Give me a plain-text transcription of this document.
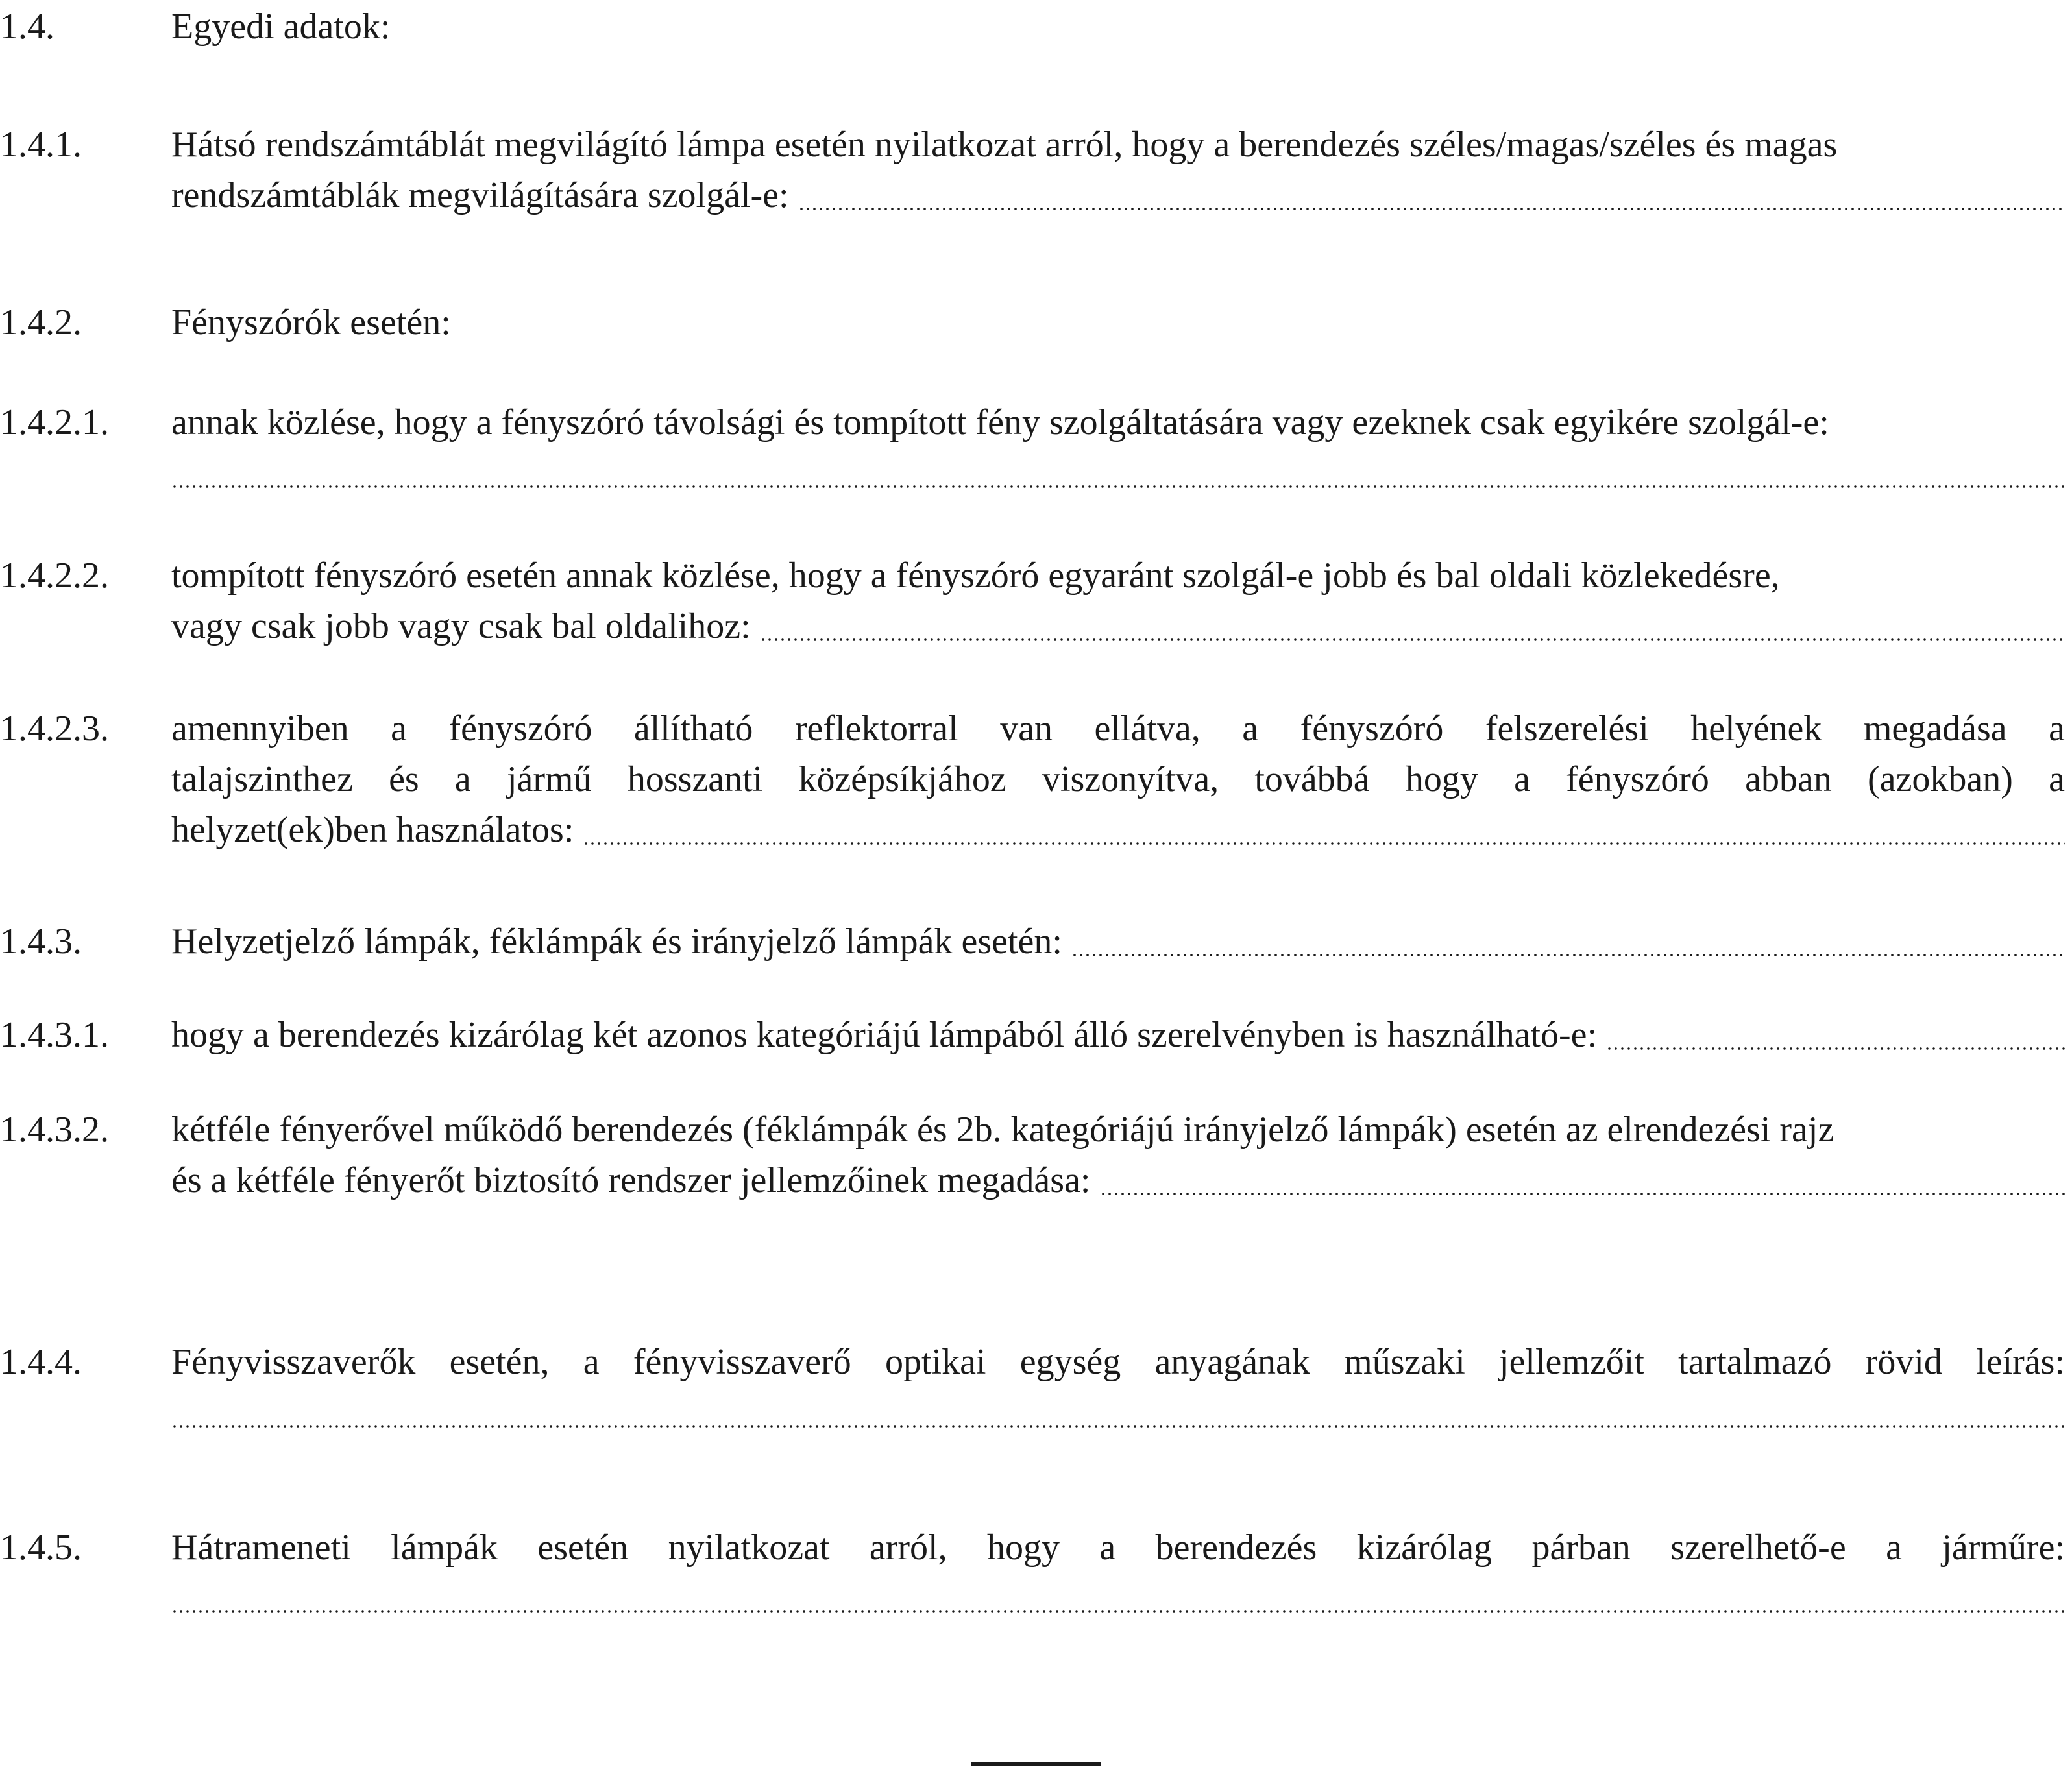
1.4.	Egyedi adatok:
1.4.1. Hátsó rendszámtáblát megvilágító lámpa esetén nyilatkozat arról, hogy a berendezés széles/magas/széles és magas
rendszámtáblák megvilágítására szolgál-e:
1.4.2. Fényszórók esetén:
1.4.2.1. annak közlése, hogy a fényszóró távolsági és tompított fény szolgáltatására vagy ezeknek csak egyikére szolgál-e:
1.4.2.2. tompított fényszóró esetén annak közlése, hogy a fényszóró egyaránt szolgál-e jobb és bal oldali közlekedésre,
vagy csak jobb vagy csak bal oldalihoz:
1.4.2.3. amennyiben a fényszóró állítható reflektorral van ellátva, a fényszóró felszerelési helyének megadása a
talajszinthez és a jármű hosszanti középsíkjához viszonyítva, továbbá hogy a fényszóró abban (azokban) a
helyzet(ek)ben használatos:
1.4.3. Helyzetjelző lámpák, féklámpák és irányjelző lámpák esetén:
1.4.3.1. hogy a berendezés kizárólag két azonos kategóriájú lámpából álló szerelvényben is használható-e:
1.4.3.2. kétféle fényerővel működő berendezés (féklámpák és 2b. kategóriájú irányjelző lámpák) esetén az elrendezési rajz
és a kétféle fényerőt biztosító rendszer jellemzőinek megadása:
1.4.4. Fényvisszaverők esetén, a fényvisszaverő optikai egység anyagának műszaki jellemzőit tartalmazó rövid leírás:
1.4.5. Hátrameneti lámpák esetén nyilatkozat arról, hogy a berendezés kizárólag párban szerelhető-e a járműre:
